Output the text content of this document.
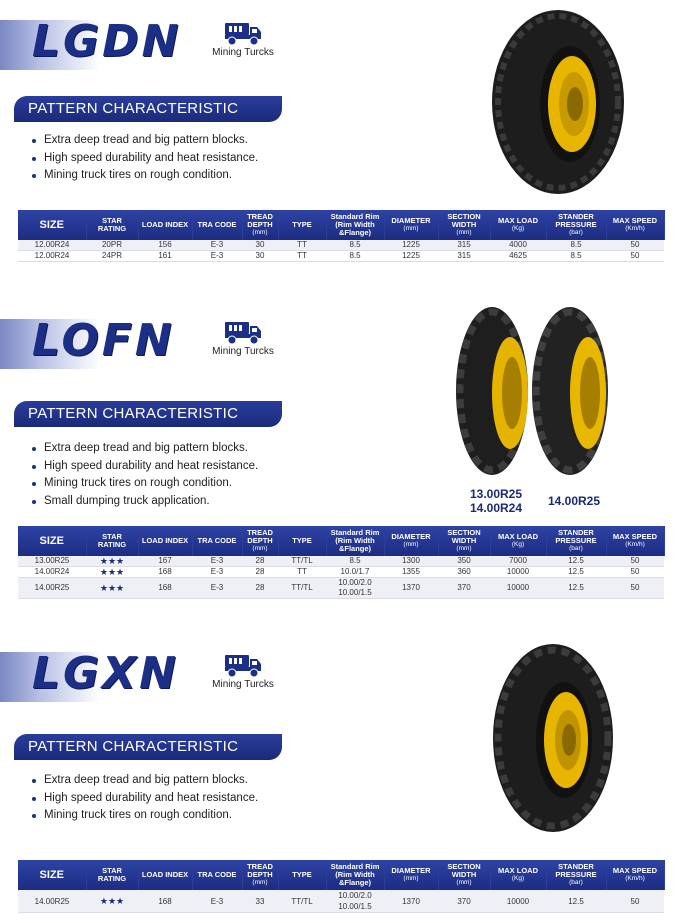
LGDN	Mining Turcks
PATTERN CHARACTERISTIC
Extra deep tread and big pattern blocks.
High speed durability and heat resistance.
Mining truck tires on rough condition.
SIZE	STAR RATING	LOAD INDEX	TRA CODE	TREAD DEPTH
(mm)	TYPE	Standard Rim (Rim Width &Flange)	DIAMETER
(mm)	SECTION WIDTH
(mm)	MAX LOAD
(Kg)	STANDER PRESSURE
(bar)	MAX SPEED
(Km/h)

12.00R24	20PR	156	E-3	30	TT	8.5	1225	315	4000	8.5	50
12.00R24	24PR	161	E-3	30	TT	8.5	1225	315	4625	8.5	50
LOFN	Mining Turcks
PATTERN CHARACTERISTIC
Extra deep tread and big pattern blocks.
High speed durability and heat resistance.
Mining truck tires on rough condition.
Small dumping truck application.	13.00R25
14.00R24	14.00R25
SIZE	STAR RATING	LOAD INDEX	TRA CODE	TREAD DEPTH
(mm)	TYPE	Standard Rim (Rim Width &Flange)	DIAMETER
(mm)	SECTION WIDTH
(mm)	MAX LOAD
(Kg)	STANDER PRESSURE
(bar)	MAX SPEED
(Km/h)

13.00R25	★★★	167	E-3	28	TT/TL	8.5	1300	350	7000	12.5	50
14.00R24	★★★	168	E-3	28	TT	10.0/1.7	1355	360	10000	12.5	50
14.00R25	★★★	168	E-3	28	TT/TL	10.00/2.0
10.00/1.5	1370	370	10000	12.5	50
LGXN	Mining Turcks
PATTERN CHARACTERISTIC
Extra deep tread and big pattern blocks.
High speed durability and heat resistance.
Mining truck tires on rough condition.
SIZE	STAR RATING	LOAD INDEX	TRA CODE	TREAD DEPTH
(mm)	TYPE	Standard Rim (Rim Width &Flange)	DIAMETER
(mm)	SECTION WIDTH
(mm)	MAX LOAD
(Kg)	STANDER PRESSURE
(bar)	MAX SPEED
(Km/h)

14.00R25	★★★	168	E-3	33	TT/TL	10.00/2.0
10.00/1.5	1370	370	10000	12.5	50
